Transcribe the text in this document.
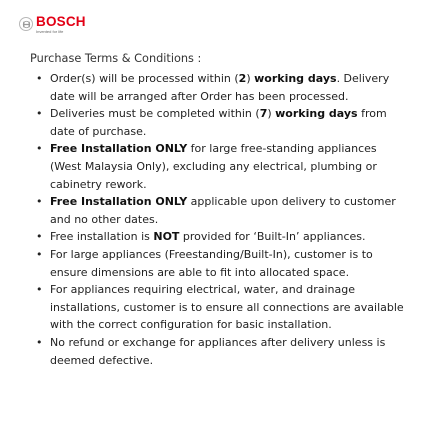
BOSCH
Invented for life
Purchase Terms & Conditions :
• Order(s) will be processed within (2) working days. Delivery date will be arranged after Order has been processed.
• Deliveries must be completed within (7) working days from date of purchase.
• Free Installation ONLY for large free-standing appliances (West Malaysia Only), excluding any electrical, plumbing or cabinetry rework.
• Free Installation ONLY applicable upon delivery to customer and no other dates.
• Free installation is NOT provided for ‘Built-In’ appliances.
• For large appliances (Freestanding/Built-In), customer is to ensure dimensions are able to fit into allocated space.
• For appliances requiring electrical, water, and drainage installations, customer is to ensure all connections are available with the correct configuration for basic installation.
• No refund or exchange for appliances after delivery unless is deemed defective.
